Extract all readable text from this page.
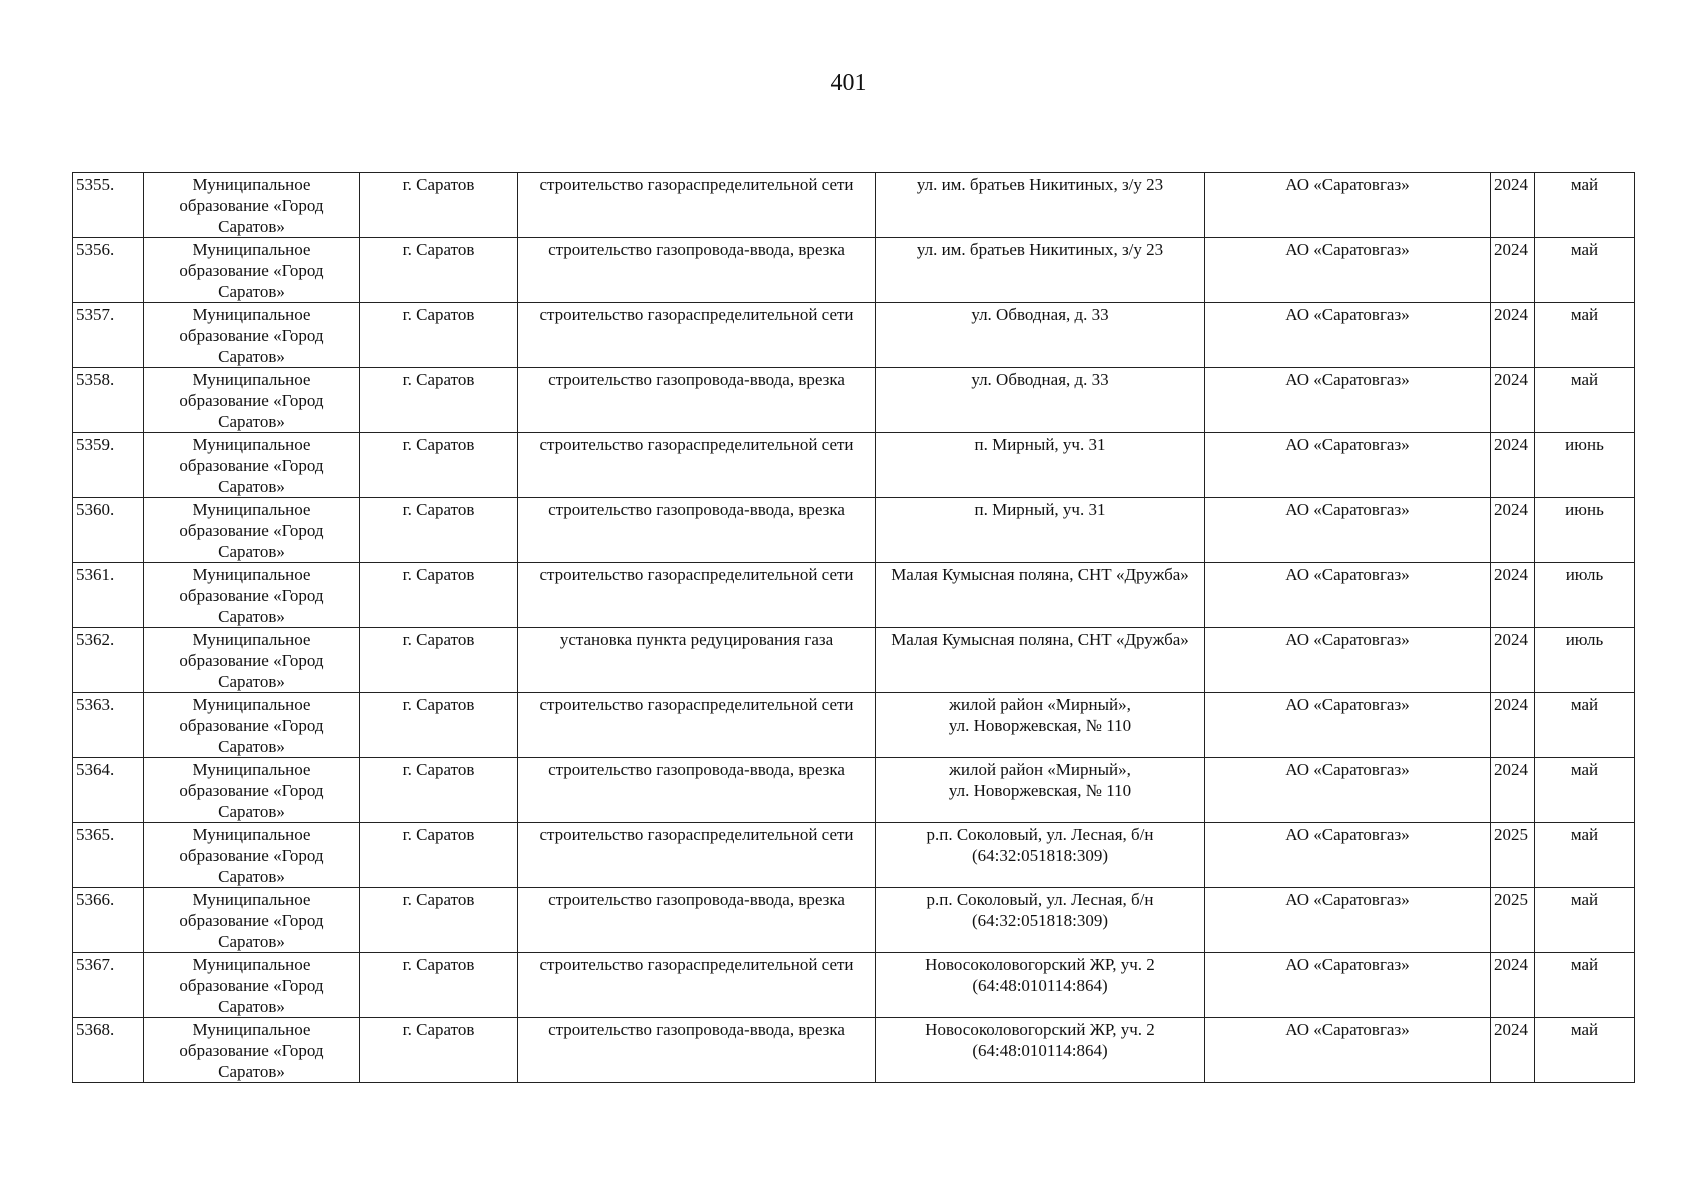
401
5355.	Муниципальное образование «Город Саратов»	г. Саратов	строительство газораспределительной сети	ул. им. братьев Никитиных, з/у 23	АО «Саратовгаз»	2024	май
5356.	Муниципальное образование «Город Саратов»	г. Саратов	строительство газопровода-ввода, врезка	ул. им. братьев Никитиных, з/у 23	АО «Саратовгаз»	2024	май
5357.	Муниципальное образование «Город Саратов»	г. Саратов	строительство газораспределительной сети	ул. Обводная, д. 33	АО «Саратовгаз»	2024	май
5358.	Муниципальное образование «Город Саратов»	г. Саратов	строительство газопровода-ввода, врезка	ул. Обводная, д. 33	АО «Саратовгаз»	2024	май
5359.	Муниципальное образование «Город Саратов»	г. Саратов	строительство газораспределительной сети	п. Мирный, уч. 31	АО «Саратовгаз»	2024	июнь
5360.	Муниципальное образование «Город Саратов»	г. Саратов	строительство газопровода-ввода, врезка	п. Мирный, уч. 31	АО «Саратовгаз»	2024	июнь
5361.	Муниципальное образование «Город Саратов»	г. Саратов	строительство газораспределительной сети	Малая Кумысная поляна, СНТ «Дружба»	АО «Саратовгаз»	2024	июль
5362.	Муниципальное образование «Город Саратов»	г. Саратов	установка пункта редуцирования газа	Малая Кумысная поляна, СНТ «Дружба»	АО «Саратовгаз»	2024	июль
5363.	Муниципальное образование «Город Саратов»	г. Саратов	строительство газораспределительной сети	жилой район «Мирный»,
ул. Новоржевская, № 110	АО «Саратовгаз»	2024	май
5364.	Муниципальное образование «Город Саратов»	г. Саратов	строительство газопровода-ввода, врезка	жилой район «Мирный»,
ул. Новоржевская, № 110	АО «Саратовгаз»	2024	май
5365.	Муниципальное образование «Город Саратов»	г. Саратов	строительство газораспределительной сети	р.п. Соколовый, ул. Лесная, б/н
(64:32:051818:309)	АО «Саратовгаз»	2025	май
5366.	Муниципальное образование «Город Саратов»	г. Саратов	строительство газопровода-ввода, врезка	р.п. Соколовый, ул. Лесная, б/н
(64:32:051818:309)	АО «Саратовгаз»	2025	май
5367.	Муниципальное образование «Город Саратов»	г. Саратов	строительство газораспределительной сети	Новосоколовогорский ЖР, уч. 2
(64:48:010114:864)	АО «Саратовгаз»	2024	май
5368.	Муниципальное образование «Город Саратов»	г. Саратов	строительство газопровода-ввода, врезка	Новосоколовогорский ЖР, уч. 2
(64:48:010114:864)	АО «Саратовгаз»	2024	май
